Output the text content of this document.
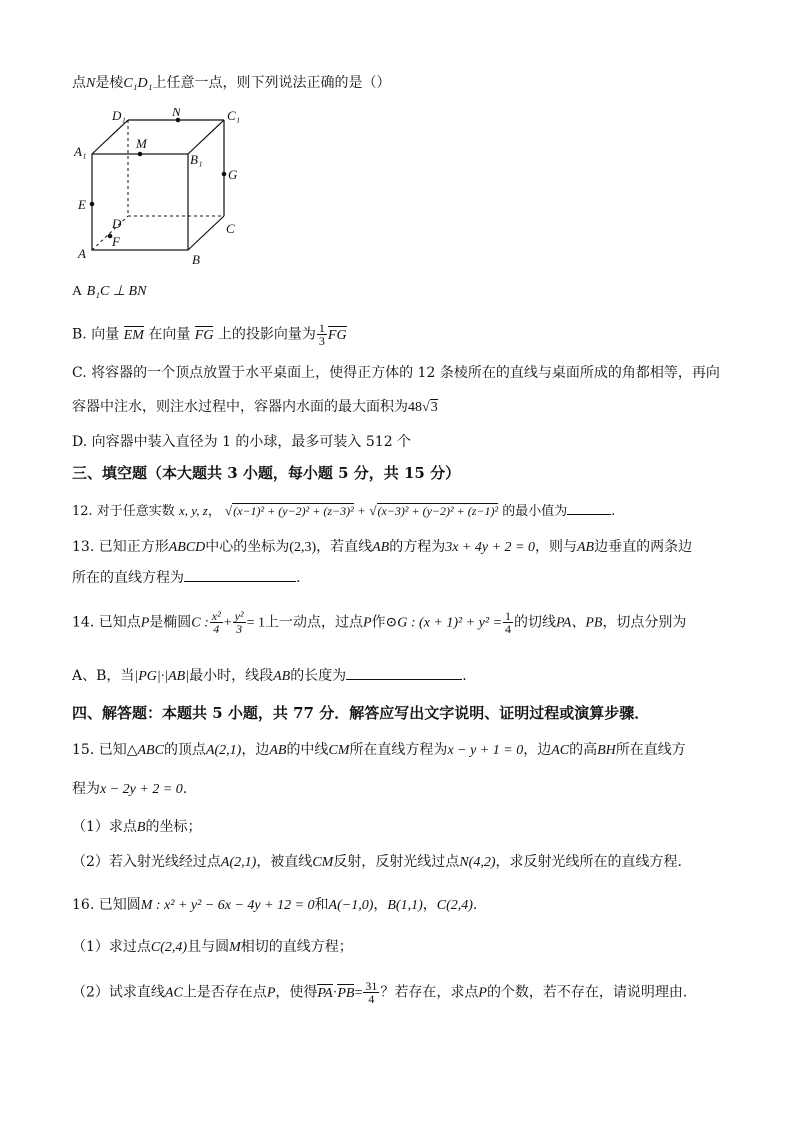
点N是棱C₁D₁上任意一点，则下列说法正确的是（）
D₁	N	C₁
A₁
M
B₁
G
E
D	C
F
A	B
A B₁C ⊥ BN
B. 向量 EM 在向量 FG 上的投影向量为 $\frac{1}{3}$ FG
C. 将容器的一个顶点放置于水平桌面上，使得正方体的 12 条棱所在的直线与桌面所成的角都相等，再向
容器中注水，则注水过程中，容器内水面的最大面积为48√3
D. 向容器中装入直径为 1 的小球，最多可装入 512 个
三、填空题（本大题共 3 小题，每小题 5 分，共 15 分）
12. 对于任意实数 x, y, z， √(x−1)² + (y−2)² + (z−3)² + √(x−3)² + (y−2)² + (z−1)² 的最小值为	.
13. 已知正方形ABCD中心的坐标为(2,3)，若直线AB的方程为3x + 4y + 2 = 0，则与AB边垂直的两条边
所在的直线方程为	.
14. 已知点P是椭圆C : $\frac{\text{x²}}{4} + \frac{\text{y²}}{3} = 1$上一动点，过点P作⊙G : $(x + 1)^2 + y^2 = \frac{1}{4}$ 的切线PA、PB，切点分别为
A、B，当|PG|·|AB|最小时，线段AB的长度为	.
四、解答题：本题共 5 小题，共 77 分．解答应写出文字说明、证明过程或演算步骤．
15. 已知△ABC的顶点A(2,1)，边AB的中线CM所在直线方程为x − y + 1 = 0，边AC的高BH所在直线方
程为x − 2y + 2 = 0.
（1）求点B的坐标；
（2）若入射光线经过点A(2,1)，被直线CM反射，反射光线过点N(4,2)，求反射光线所在的直线方程.
16. 已知圆M : x² + y² − 6x − 4y + 12 = 0和A(−1,0)，B(1,1)，C(2,4).
（1）求过点C(2,4)且与圆M相切的直线方程；
（2）试求直线AC上是否存在点P，使得$PA\cdot PB= \frac{31}{4}$ ？若存在，求点P的个数，若不存在，请说明理由.
